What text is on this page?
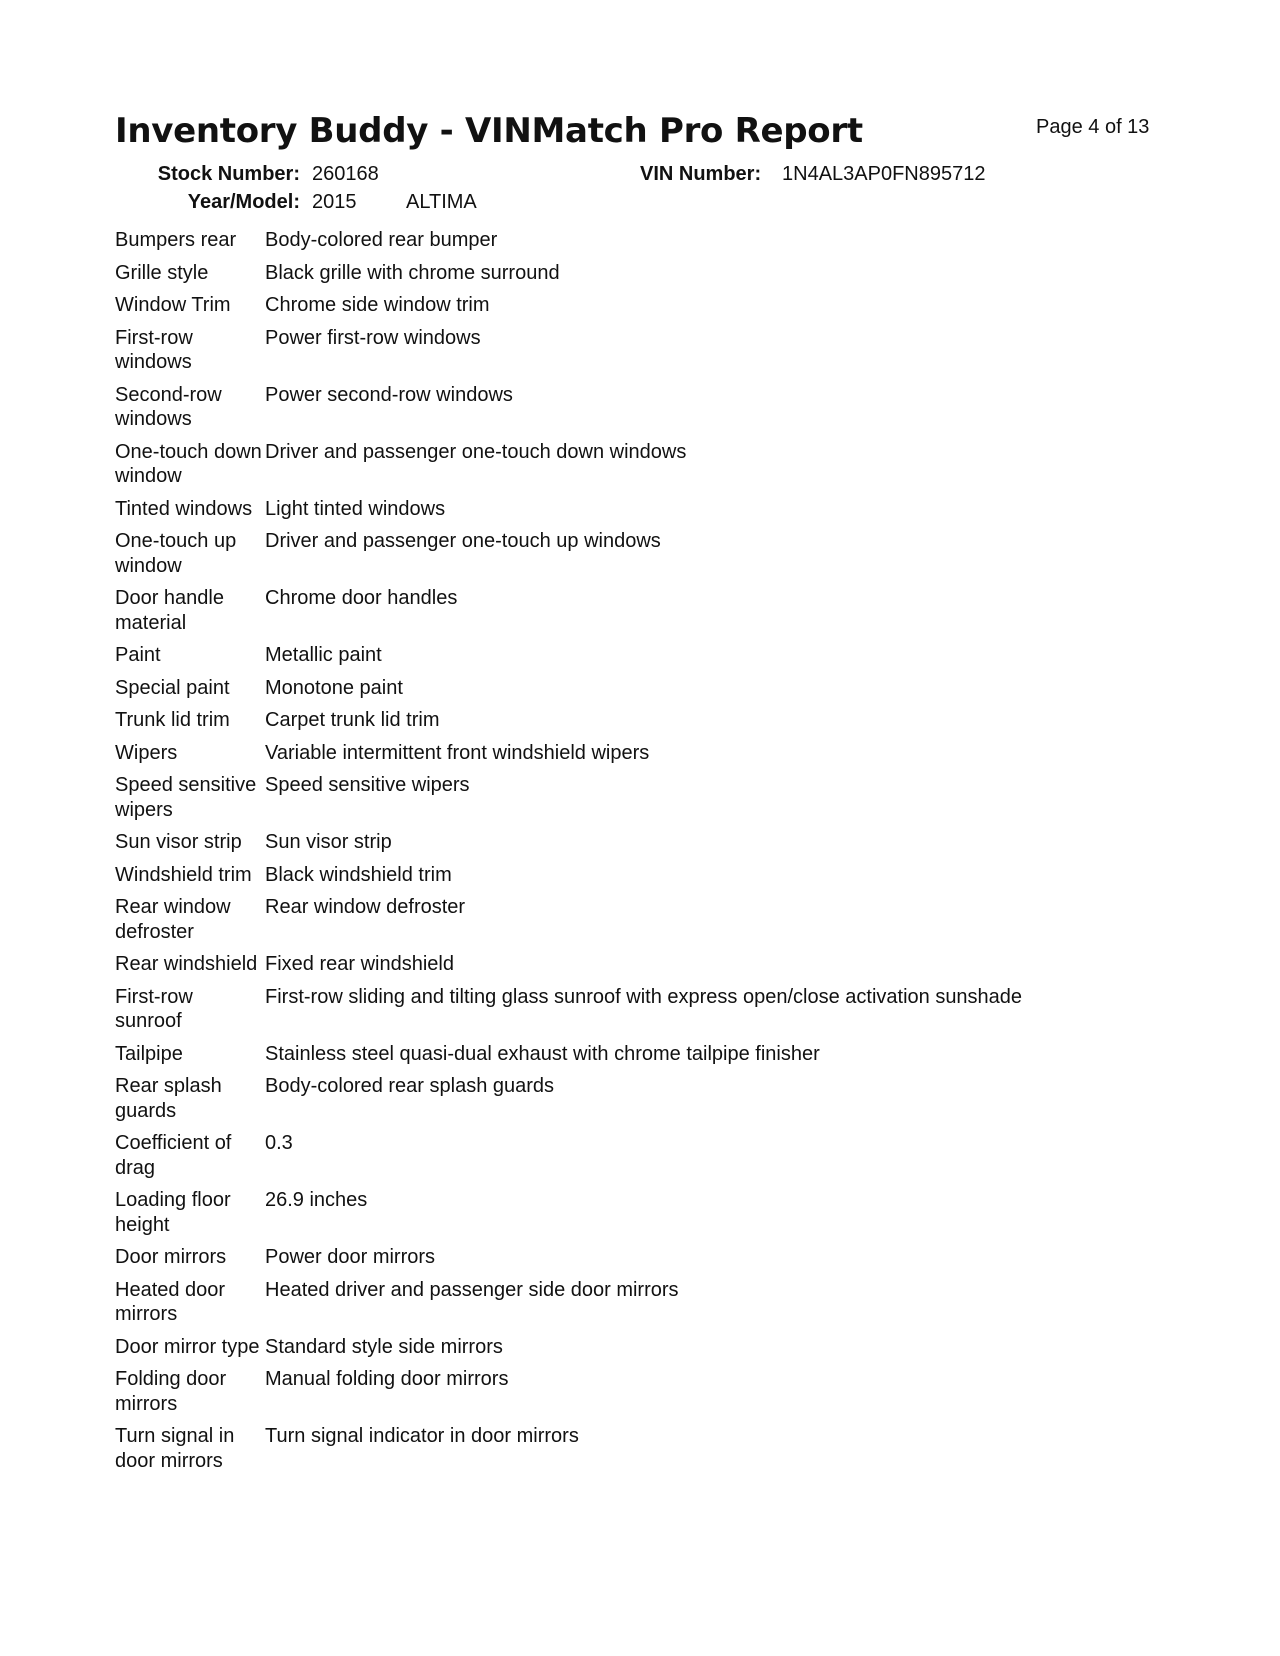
Inventory Buddy - VINMatch Pro Report	Page 4 of 13
Stock Number: 260168
Year/Model: 2015 ALTIMA
VIN Number: 1N4AL3AP0FN895712
Bumpers rear	Body-colored rear bumper

Grille style	Black grille with chrome surround

Window Trim	Chrome side window trim

First-row windows	Power first-row windows

Second-row windows	Power second-row windows

One-touch down window	Driver and passenger one-touch down windows

Tinted windows	Light tinted windows

One-touch up window	Driver and passenger one-touch up windows

Door handle material	Chrome door handles

Paint	Metallic paint

Special paint	Monotone paint

Trunk lid trim	Carpet trunk lid trim

Wipers	Variable intermittent front windshield wipers

Speed sensitive wipers	Speed sensitive wipers

Sun visor strip	Sun visor strip

Windshield trim	Black windshield trim

Rear window defroster	Rear window defroster

Rear windshield	Fixed rear windshield

First-row sunroof	First-row sliding and tilting glass sunroof with express open/close activation sunshade

Tailpipe	Stainless steel quasi-dual exhaust with chrome tailpipe finisher

Rear splash guards	Body-colored rear splash guards

Coefficient of drag	0.3

Loading floor height	26.9 inches

Door mirrors	Power door mirrors

Heated door mirrors	Heated driver and passenger side door mirrors

Door mirror type	Standard style side mirrors

Folding door mirrors	Manual folding door mirrors

Turn signal in door mirrors	Turn signal indicator in door mirrors
